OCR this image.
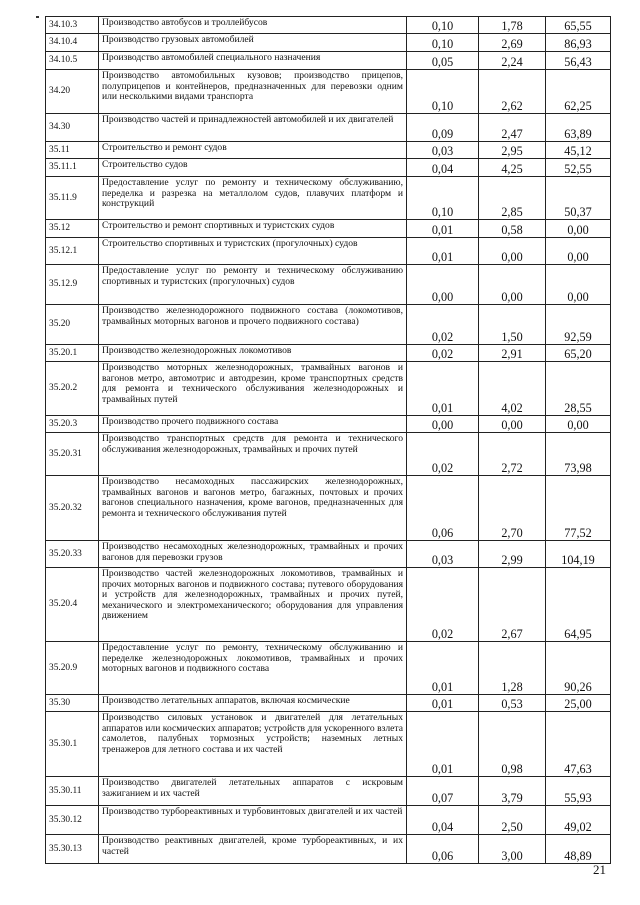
34.10.3	Производство автобусов и троллейбусов	0,10	1,78	65,55
34.10.4	Производство грузовых автомобилей	0,10	2,69	86,93
34.10.5	Производство автомобилей специального назначения	0,05	2,24	56,43
34.20	Производство автомобильных кузовов; производство прицепов, полуприцепов и контейнеров, предназначенных для перевозки одним или несколькими видами транспорта	0,10	2,62	62,25
34.30	Производство частей и принадлежностей автомобилей и их двигателей	0,09	2,47	63,89
35.11	Строительство и ремонт судов	0,03	2,95	45,12
35.11.1	Строительство судов	0,04	4,25	52,55
35.11.9	Предоставление услуг по ремонту и техническому обслуживанию, переделка и разрезка на металлолом судов, плавучих платформ и конструкций	0,10	2,85	50,37
35.12	Строительство и ремонт спортивных и туристских судов	0,01	0,58	0,00
35.12.1	Строительство спортивных и туристских (прогулочных) судов	0,01	0,00	0,00
35.12.9	Предоставление услуг по ремонту и техническому обслуживанию спортивных и туристских (прогулочных) судов	0,00	0,00	0,00
35.20	Производство железнодорожного подвижного состава (локомотивов, трамвайных моторных вагонов и прочего подвижного состава)	0,02	1,50	92,59
35.20.1	Производство железнодорожных локомотивов	0,02	2,91	65,20
35.20.2	Производство моторных железнодорожных, трамвайных вагонов и вагонов метро, автомотрис и автодрезин, кроме транспортных средств для ремонта и технического обслуживания железнодорожных и трамвайных путей	0,01	4,02	28,55
35.20.3	Производство прочего подвижного состава	0,00	0,00	0,00
35.20.31	Производство транспортных средств для ремонта и технического обслуживания железнодорожных, трамвайных и прочих путей	0,02	2,72	73,98
35.20.32	Производство несамоходных пассажирских железнодорожных, трамвайных вагонов и вагонов метро, багажных, почтовых и прочих вагонов специального назначения, кроме вагонов, предназначенных для ремонта и технического обслуживания путей	0,06	2,70	77,52
35.20.33	Производство несамоходных железнодорожных, трамвайных и прочих вагонов для перевозки грузов	0,03	2,99	104,19
35.20.4	Производство частей железнодорожных локомотивов, трамвайных и прочих моторных вагонов и подвижного состава; путевого оборудования и устройств для железнодорожных, трамвайных и прочих путей, механического и электромеханического; оборудования для управления движением	0,02	2,67	64,95
35.20.9	Предоставление услуг по ремонту, техническому обслуживанию и переделке железнодорожных локомотивов, трамвайных и прочих моторных вагонов и подвижного состава	0,01	1,28	90,26
35.30	Производство летательных аппаратов, включая космические	0,01	0,53	25,00
35.30.1	Производство силовых установок и двигателей для летательных аппаратов или космических аппаратов; устройств для ускоренного взлета самолетов, палубных тормозных устройств; наземных летных тренажеров для летного состава и их частей	0,01	0,98	47,63
35.30.11	Производство двигателей летательных аппаратов с искровым зажиганием и их частей	0,07	3,79	55,93
35.30.12	Производство турбореактивных и турбовинтовых двигателей и их частей	0,04	2,50	49,02
35.30.13	Производство реактивных двигателей, кроме турбореактивных, и их частей	0,06	3,00	48,89
21
